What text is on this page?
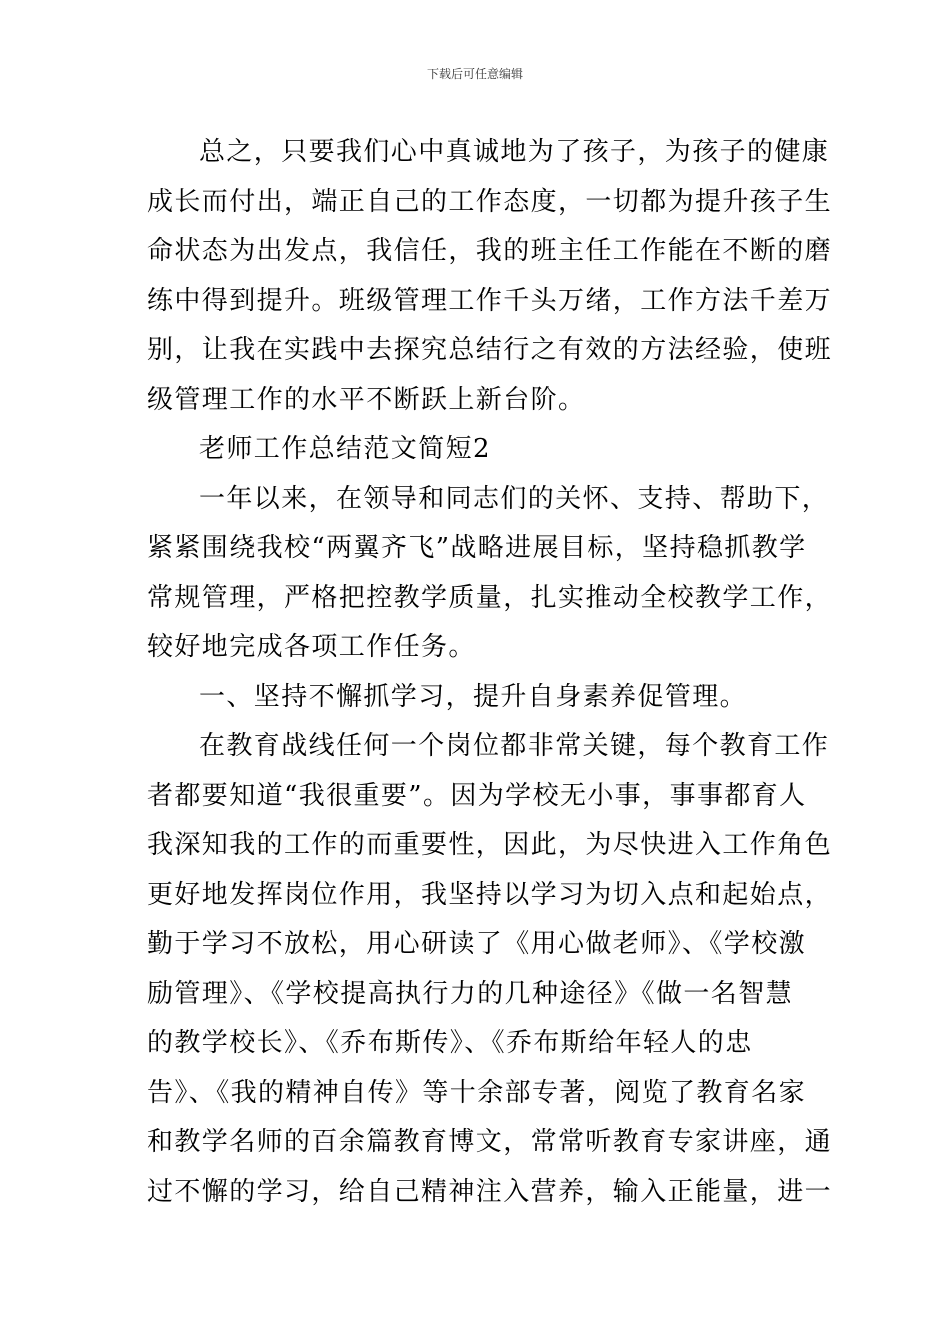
下载后可任意编辑
总之，只要我们心中真诚地为了孩子，为孩子的健康
成长而付出，端正自己的工作态度，一切都为提升孩子生
命状态为出发点，我信任，我的班主任工作能在不断的磨
练中得到提升。班级管理工作千头万绪，工作方法千差万
别，让我在实践中去探究总结行之有效的方法经验，使班
级管理工作的水平不断跃上新台阶。
老师工作总结范文简短2
一年以来，在领导和同志们的关怀、支持、帮助下，
紧紧围绕我校“两翼齐飞”战略进展目标，坚持稳抓教学
常规管理，严格把控教学质量，扎实推动全校教学工作，
较好地完成各项工作任务。
一、坚持不懈抓学习，提升自身素养促管理。
在教育战线任何一个岗位都非常关键，每个教育工作
者都要知道“我很重要”。因为学校无小事，事事都育人
我深知我的工作的而重要性，因此，为尽快进入工作角色
更好地发挥岗位作用，我坚持以学习为切入点和起始点，
勤于学习不放松，用心研读了《用心做老师》、《学校激
励管理》、《学校提高执行力的几种途径》《做一名智慧
的教学校长》、《乔布斯传》、《乔布斯给年轻人的忠
告》、《我的精神自传》等十余部专著，阅览了教育名家
和教学名师的百余篇教育博文，常常听教育专家讲座，通
过不懈的学习，给自己精神注入营养，输入正能量，进一
